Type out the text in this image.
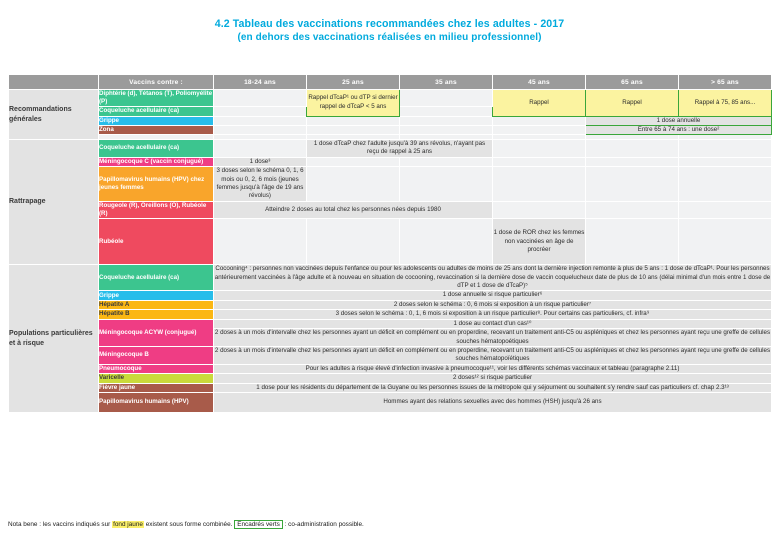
4.2 Tableau des vaccinations recommandées chez les adultes - 2017
(en dehors des vaccinations réalisées en milieu professionnel)
	Vaccins contre :	18-24 ans	25 ans	35 ans	45 ans	65 ans	> 65 ans
Recommandations générales	Diphtérie (d), Tétanos (T), Poliomyélite (P)		Rappel dTcaP¹ ou dTP si dernier rappel de dTcaP < 5 ans		Rappel	Rappel	Rappel à 75, 85 ans...
	Coqueluche acellulaire (ca)						
	Grippe					1 dose annuelle	
	Zona					Entre 65 à 74 ans : une dose²	

Rattrapage	Coqueluche acellulaire (ca)		1 dose dTcaP chez l'adulte jusqu'à 39 ans révolus, n'ayant pas reçu de rappel à 25 ans				
	Méningocoque C (vaccin conjugué)	1 dose³					
	Papillomavirus humains (HPV) chez jeunes femmes	3 doses selon le schéma 0, 1, 6 mois ou 0, 2, 6 mois (jeunes femmes jusqu'à l'âge de 19 ans révolus)					
	Rougeole (R), Oreillons (O), Rubéole (R)	Atteindre 2 doses au total chez les personnes nées depuis 1980					
	Rubéole				1 dose de ROR chez les femmes non vaccinées en âge de procréer		
Populations particulières et à risque	Coqueluche acellulaire (ca)	Cocooning⁴ : personnes non vaccinées depuis l'enfance ou pour les adolescents ou adultes de moins de 25 ans dont la dernière injection remonte à plus de 5 ans : 1 dose de dTcaP¹. Pour les personnes antérieurement vaccinées à l'âge adulte et à nouveau en situation de cocooning, revaccination si la dernière dose de vaccin coquelucheux date de plus de 10 ans (délai minimal d'un mois entre 1 dose de dTP et 1 dose de dTcaP)⁵					
	Grippe	1 dose annuelle si risque particulier⁶					
	Hépatite A	2 doses selon le schéma : 0, 6 mois si exposition à un risque particulier⁷					
	Hépatite B	3 doses selon le schéma : 0, 1, 6 mois si exposition à un risque particulier⁸. Pour certains cas particuliers, cf. infra⁹					
	Méningocoque ACYW (conjugué)	1 dose au contact d'un cas¹⁰					
		2 doses à un mois d'intervalle chez les personnes ayant un déficit en complément ou en properdine, recevant un traitement anti-C5 ou aspléniques et chez les personnes ayant reçu une greffe de cellules souches hématopoétiques					
	Méningocoque B	2 doses à un mois d'intervalle chez les personnes ayant un déficit en complément ou en properdine, recevant un traitement anti-C5 ou aspléniques et chez les personnes ayant reçu une greffe de cellules souches hématopoïétiques					
	Pneumocoque	Pour les adultes à risque élevé d'infection invasive à pneumocoque¹¹, voir les différents schémas vaccinaux et tableau (paragraphe 2.11)					
	Varicelle	2 doses¹² si risque particulier					
	Fièvre jaune	1 dose pour les résidents du département de la Guyane ou les personnes issues de la métropole qui y séjournent ou souhaitent s'y rendre sauf cas particuliers cf. chap 2.3¹³					
	Papillomavirus humains (HPV)	Hommes ayant des relations sexuelles avec des hommes (HSH) jusqu'à 26 ans					
Nota bene : les vaccins indiqués sur fond jaune existent sous forme combinée. Encadrés verts : co-administration possible.
